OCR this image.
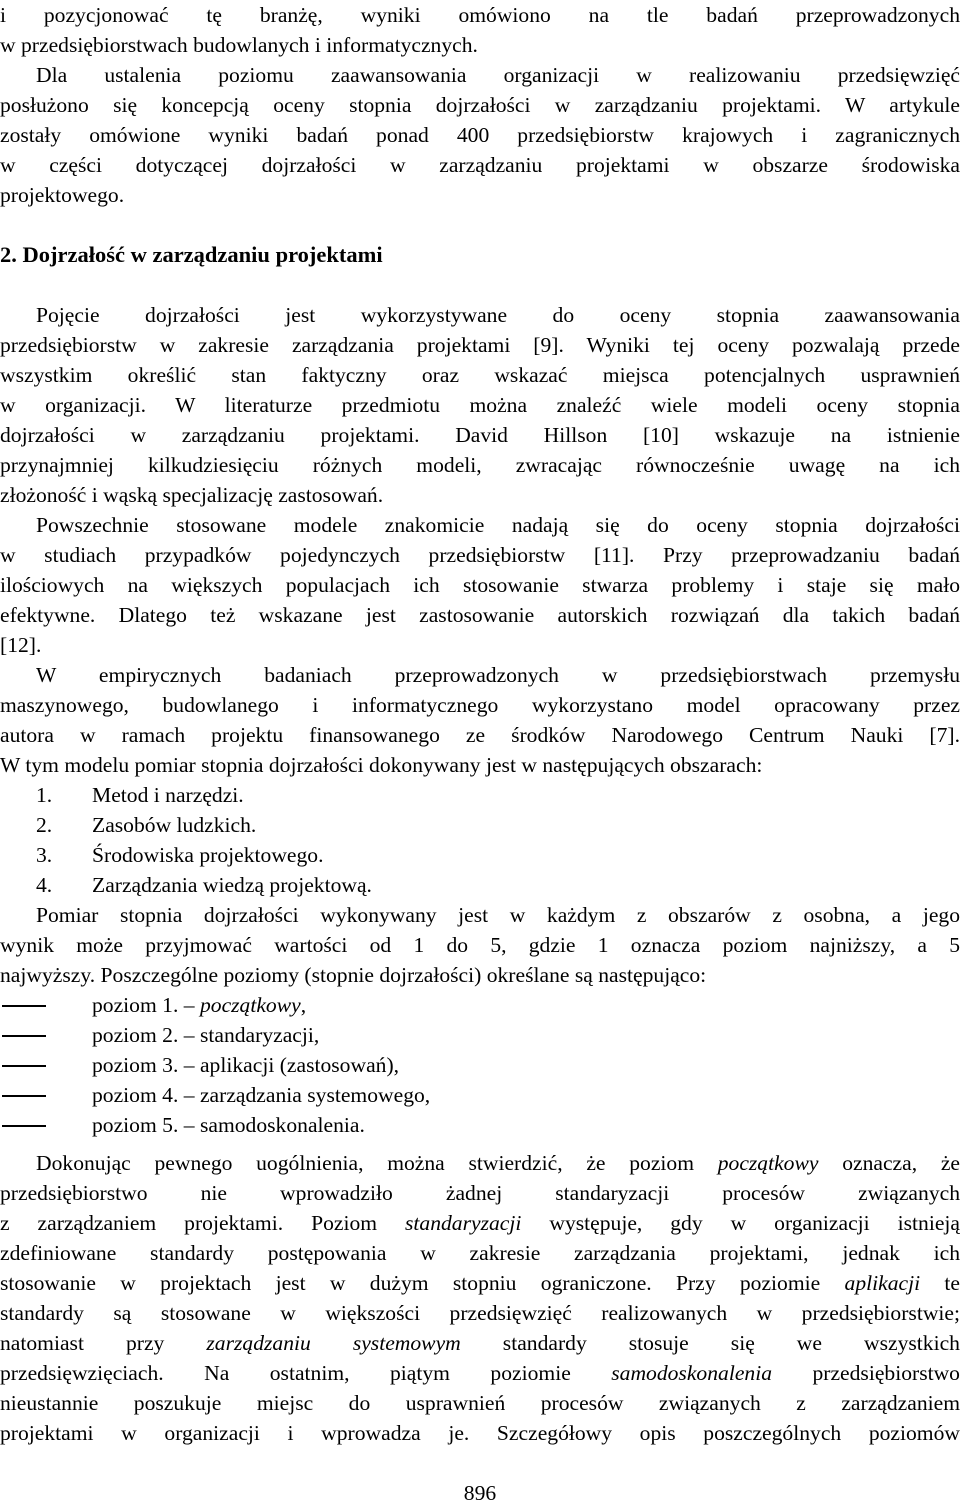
i pozycjonować tę branżę, wyniki omówiono na tle badań przeprowadzonych
w przedsiębiorstwach budowlanych i informatycznych.
Dla ustalenia poziomu zaawansowania organizacji w realizowaniu przedsięwzięć
posłużono się koncepcją oceny stopnia dojrzałości w zarządzaniu projektami. W artykule
zostały omówione wyniki badań ponad 400 przedsiębiorstw krajowych i zagranicznych
w części dotyczącej dojrzałości w zarządzaniu projektami w obszarze środowiska
projektowego.
2. Dojrzałość w zarządzaniu projektami
Pojęcie dojrzałości jest wykorzystywane do oceny stopnia zaawansowania
przedsiębiorstw w zakresie zarządzania projektami [9]. Wyniki tej oceny pozwalają przede
wszystkim określić stan faktyczny oraz wskazać miejsca potencjalnych usprawnień
w organizacji. W literaturze przedmiotu można znaleźć wiele modeli oceny stopnia
dojrzałości w zarządzaniu projektami. David Hillson [10] wskazuje na istnienie
przynajmniej kilkudziesięciu różnych modeli, zwracając równocześnie uwagę na ich
złożoność i wąską specjalizację zastosowań.
Powszechnie stosowane modele znakomicie nadają się do oceny stopnia dojrzałości
w studiach przypadków pojedynczych przedsiębiorstw [11]. Przy przeprowadzaniu badań
ilościowych na większych populacjach ich stosowanie stwarza problemy i staje się mało
efektywne. Dlatego też wskazane jest zastosowanie autorskich rozwiązań dla takich badań
[12].
W empirycznych badaniach przeprowadzonych w przedsiębiorstwach przemysłu
maszynowego, budowlanego i informatycznego wykorzystano model opracowany przez
autora w ramach projektu finansowanego ze środków Narodowego Centrum Nauki [7].
W tym modelu pomiar stopnia dojrzałości dokonywany jest w następujących obszarach:
1. Metod i narzędzi.
2. Zasobów ludzkich.
3. Środowiska projektowego.
4. Zarządzania wiedzą projektową.
Pomiar stopnia dojrzałości wykonywany jest w każdym z obszarów z osobna, a jego
wynik może przyjmować wartości od 1 do 5, gdzie 1 oznacza poziom najniższy, a 5
najwyższy. Poszczególne poziomy (stopnie dojrzałości) określane są następująco:
poziom 1. – początkowy,
poziom 2. – standaryzacji,
poziom 3. – aplikacji (zastosowań),
poziom 4. – zarządzania systemowego,
poziom 5. – samodoskonalenia.
Dokonując pewnego uogólnienia, można stwierdzić, że poziom początkowy oznacza, że
przedsiębiorstwo nie wprowadziło żadnej standaryzacji procesów związanych
z zarządzaniem projektami. Poziom standaryzacji występuje, gdy w organizacji istnieją
zdefiniowane standardy postępowania w zakresie zarządzania projektami, jednak ich
stosowanie w projektach jest w dużym stopniu ograniczone. Przy poziomie aplikacji te
standardy są stosowane w większości przedsięwzięć realizowanych w przedsiębiorstwie;
natomiast przy zarządzaniu systemowym standardy stosuje się we wszystkich
przedsięwzięciach. Na ostatnim, piątym poziomie samodoskonalenia przedsiębiorstwo
nieustannie poszukuje miejsc do usprawnień procesów związanych z zarządzaniem
projektami w organizacji i wprowadza je. Szczegółowy opis poszczególnych poziomów
896
